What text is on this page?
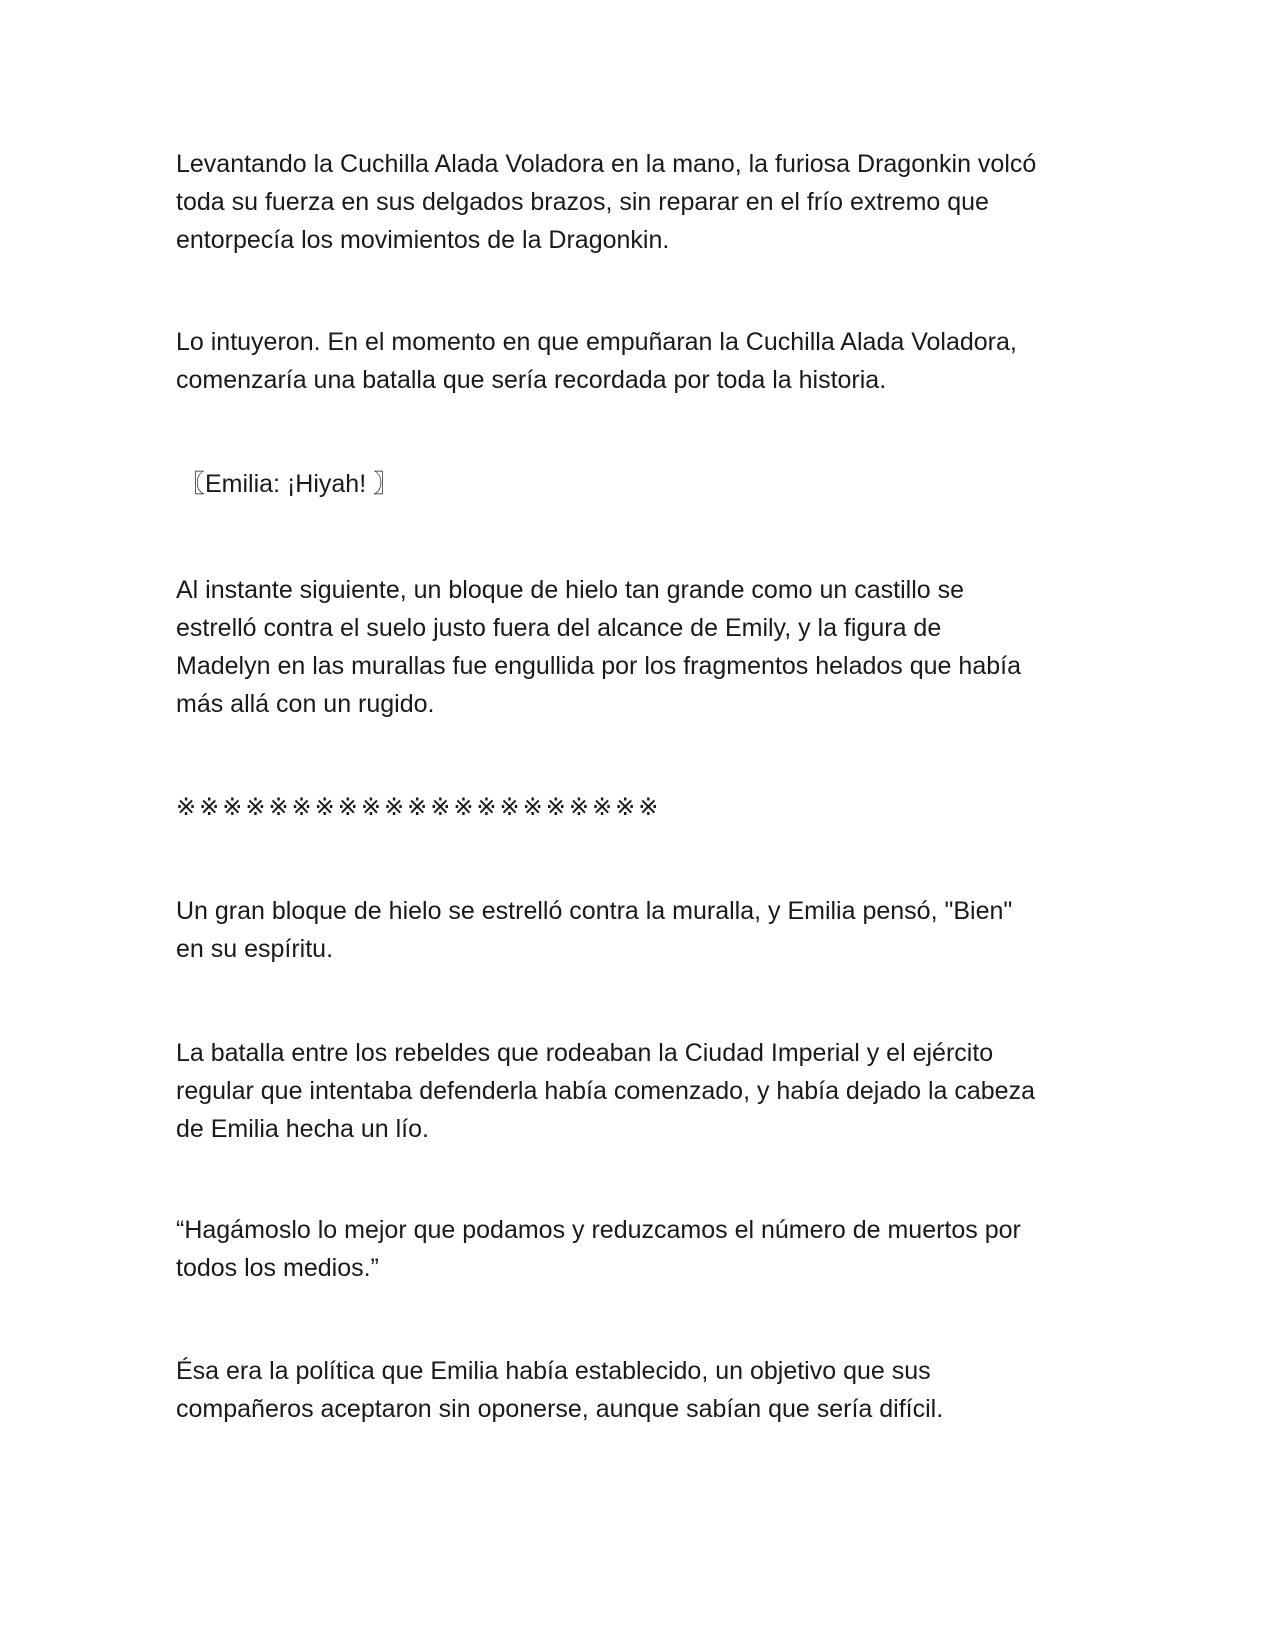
Levantando la Cuchilla Alada Voladora en la mano, la furiosa Dragonkin volcó
toda su fuerza en sus delgados brazos, sin reparar en el frío extremo que
entorpecía los movimientos de la Dragonkin.

Lo intuyeron. En el momento en que empuñaran la Cuchilla Alada Voladora,
comenzaría una batalla que sería recordada por toda la historia.

〖Emilia: ¡Hiyah! 〗

Al instante siguiente, un bloque de hielo tan grande como un castillo se
estrelló contra el suelo justo fuera del alcance de Emily, y la figura de
Madelyn en las murallas fue engullida por los fragmentos helados que había
más allá con un rugido.

※※※※※※※※※※※※※※※※※※※※※

Un gran bloque de hielo se estrelló contra la muralla, y Emilia pensó, "Bien"
en su espíritu.

La batalla entre los rebeldes que rodeaban la Ciudad Imperial y el ejército
regular que intentaba defenderla había comenzado, y había dejado la cabeza
de Emilia hecha un lío.

“Hagámoslo lo mejor que podamos y reduzcamos el número de muertos por
todos los medios.”

Ésa era la política que Emilia había establecido, un objetivo que sus
compañeros aceptaron sin oponerse, aunque sabían que sería difícil.
